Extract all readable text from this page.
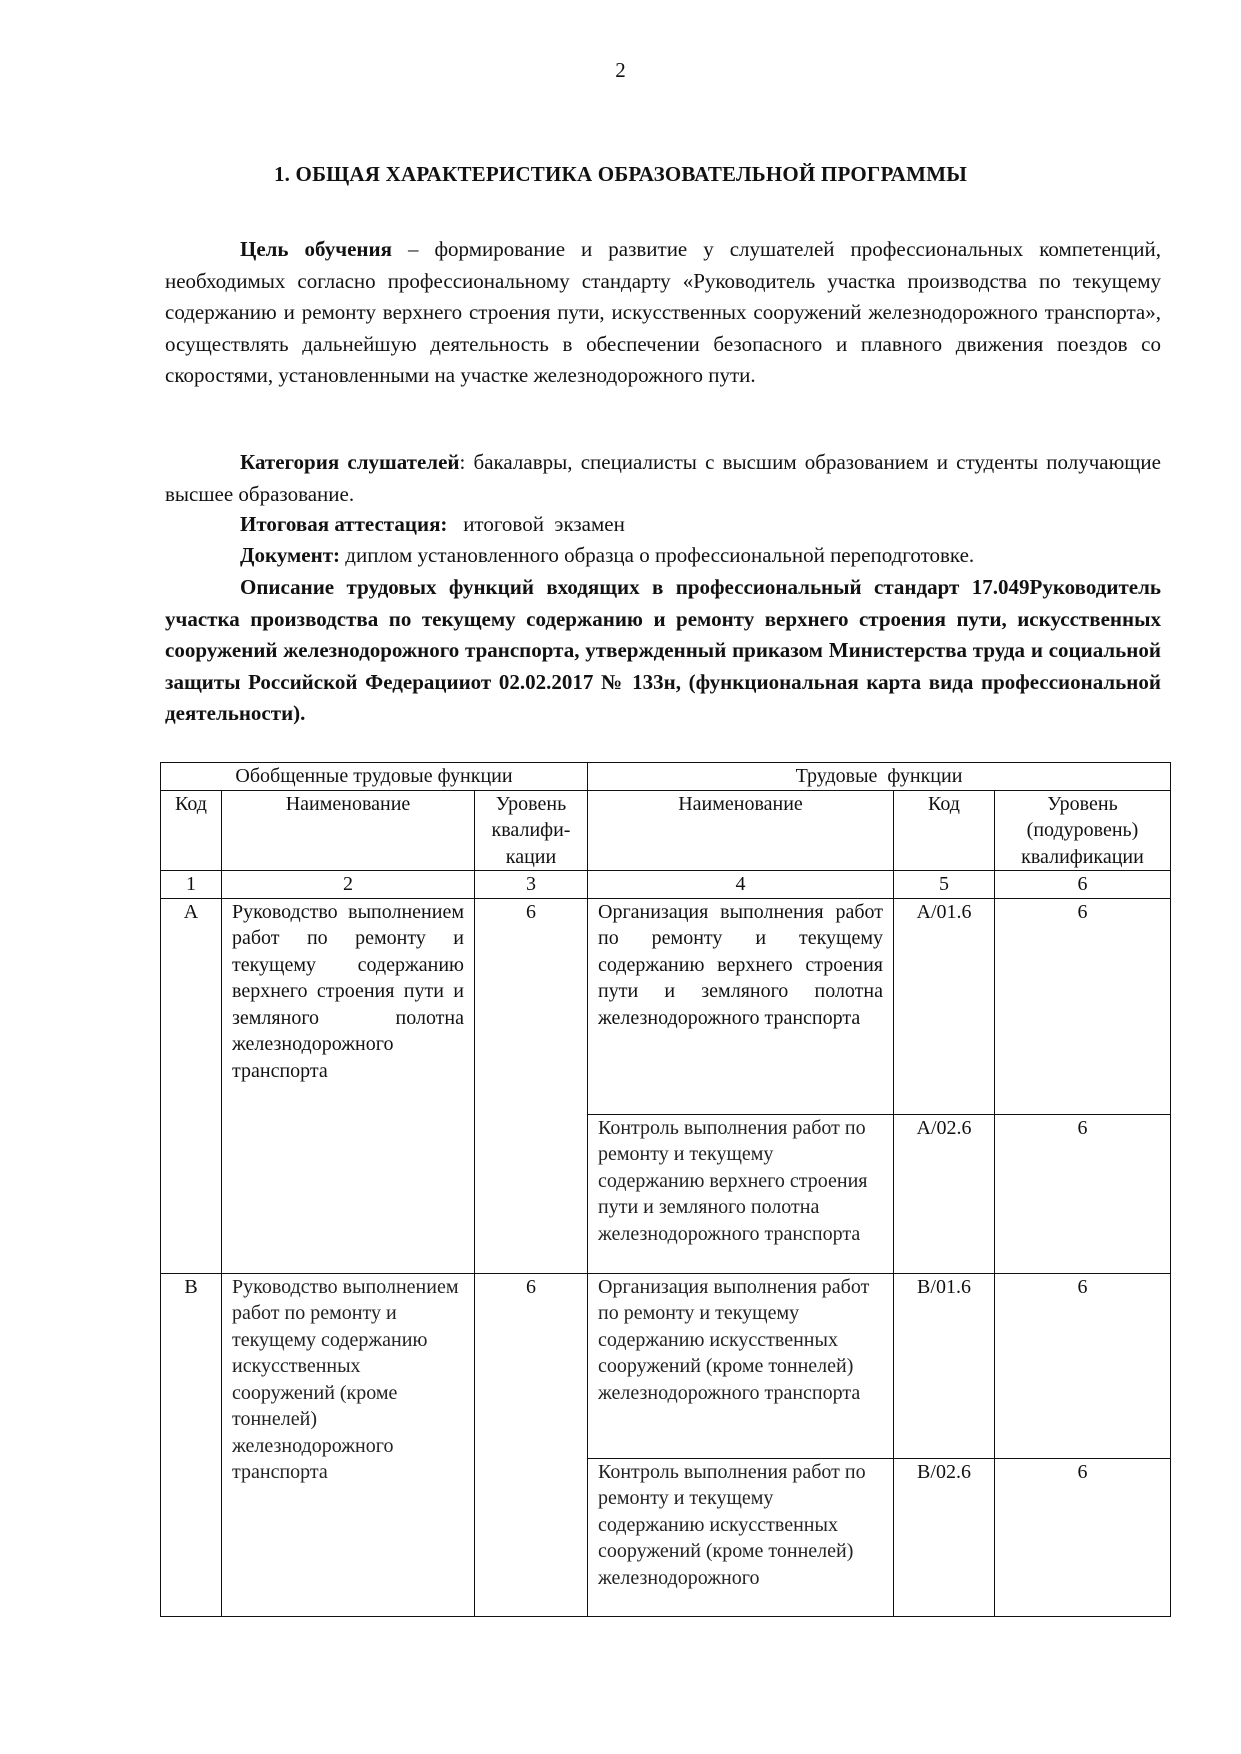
2
1. ОБЩАЯ ХАРАКТЕРИСТИКА ОБРАЗОВАТЕЛЬНОЙ ПРОГРАММЫ

Цель обучения – формирование и развитие у слушателей профессиональных компетенций, необходимых согласно профессиональному стандарту «Руководитель участка производства по текущему содержанию и ремонту верхнего строения пути, искусственных сооружений железнодорожного транспорта», осуществлять дальнейшую деятельность в обеспечении безопасного и плавного движения поездов со скоростями, установленными на участке железнодорожного пути.

Категория слушателей: бакалавры, специалисты с высшим образованием и студенты получающие высшее образование.

Итоговая аттестация:   итоговой  экзамен

Документ: диплом установленного образца о профессиональной переподготовке.

Описание трудовых функций входящих в профессиональный стандарт 17.049Руководитель участка производства по текущему содержанию и ремонту верхнего строения пути, искусственных сооружений железнодорожного транспорта, утвержденный приказом Министерства труда и социальной защиты Российской Федерацииот 02.02.2017 № 133н, (функциональная карта вида профессиональной деятельности).

Обобщенные трудовые функции			Трудовые  функции		
Код	Наименование	Уровень квалифи-кации	Наименование	Код	Уровень (подуровень) квалификации
1	2	3	4	5	6
A	Руководство выполнением работ по ремонту и текущему содержанию верхнего строения пути и земляного полотна железнодорожного транспорта	6	Организация выполнения работ по ремонту и текущему содержанию верхнего строения пути и земляного полотна железнодорожного транспорта	A/01.6	6
			Контроль выполнения работ по ремонту и текущему содержанию верхнего строения пути и земляного полотна железнодорожного транспорта	A/02.6	6
B	Руководство выполнением работ по ремонту и текущему содержанию искусственных сооружений (кроме тоннелей) железнодорожного транспорта	6	Организация выполнения работ по ремонту и текущему содержанию искусственных сооружений (кроме тоннелей) железнодорожного транспорта	B/01.6	6
			Контроль выполнения работ по ремонту и текущему содержанию искусственных сооружений (кроме тоннелей) железнодорожного	B/02.6	6
